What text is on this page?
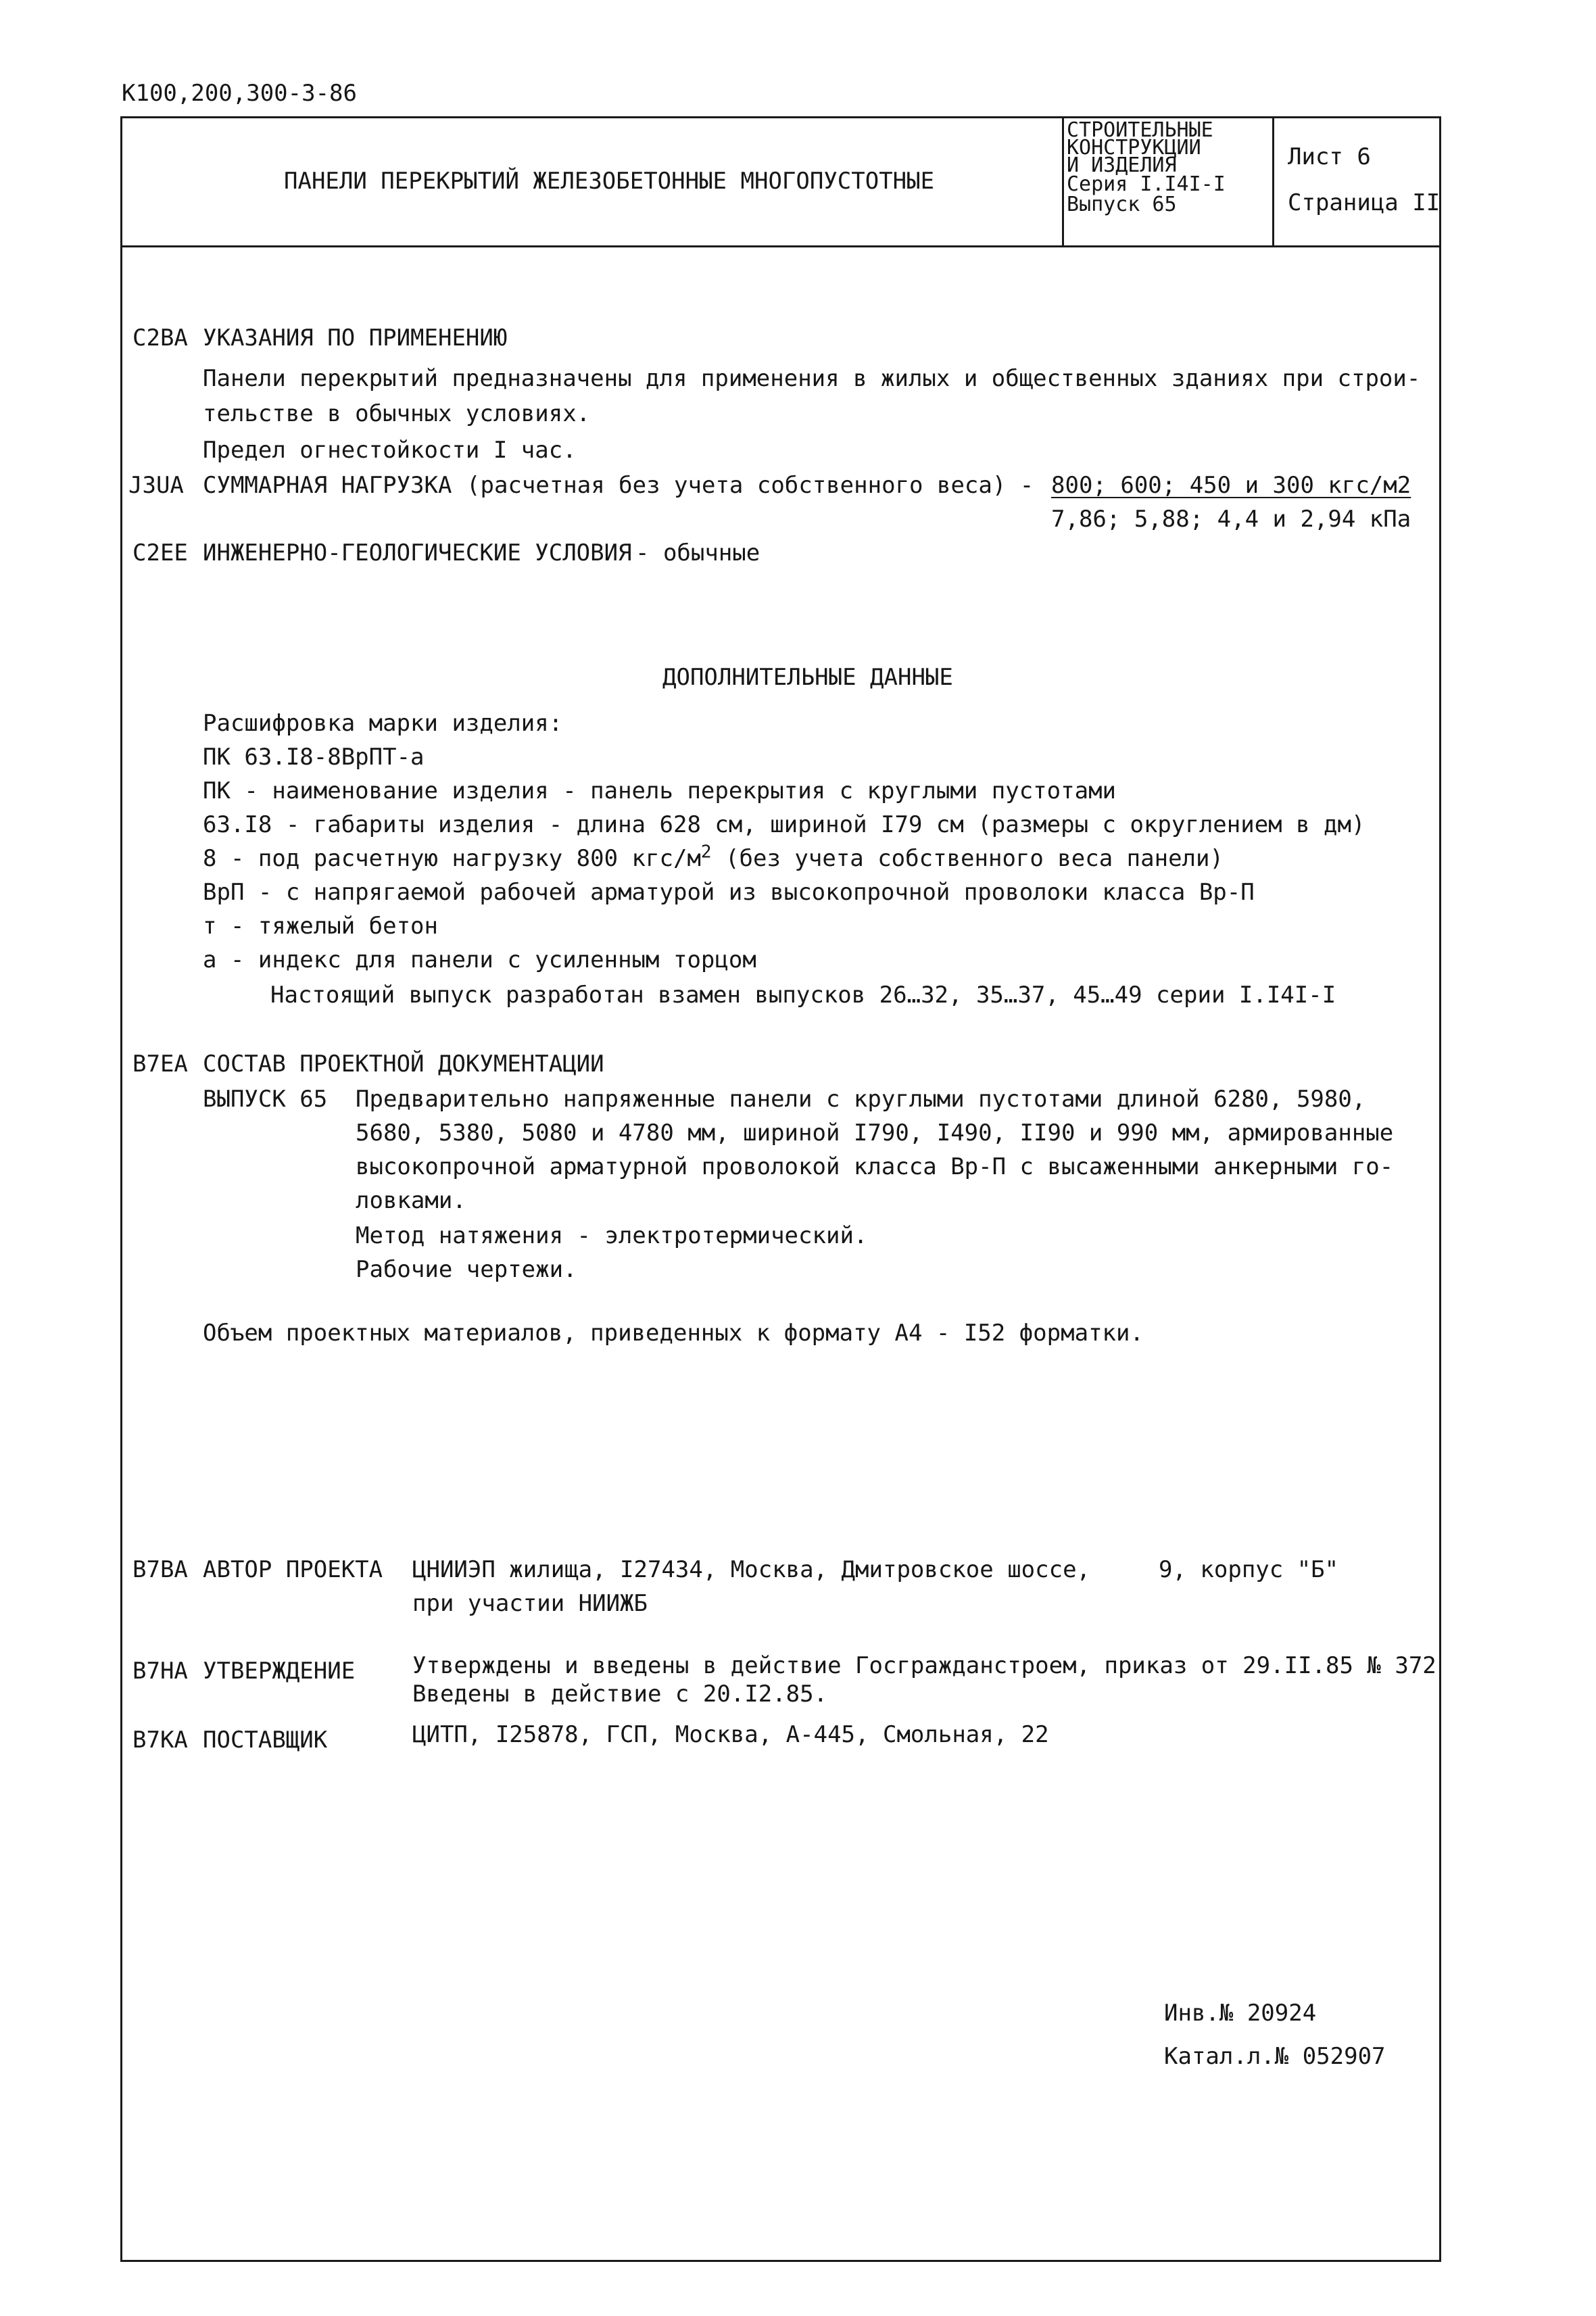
К100,200,300-3-86
ПАНЕЛИ ПЕРЕКРЫТИЙ ЖЕЛЕЗОБЕТОННЫЕ МНОГОПУСТОТНЫЕ
СТРОИТЕЛЬНЫЕ
КОНСТРУКЦИИ
И ИЗДЕЛИЯ
Серия I.I4I-I
Выпуск 65
Лист 6
Страница II
С2ВА УКАЗАНИЯ ПО ПРИМЕНЕНИЮ
Панели перекрытий предназначены для применения в жилых и общественных зданиях при строи-
тельстве в обычных условиях.
Предел огнестойкости I час.
J3UA СУММАРНАЯ НАГРУЗКА (расчетная без учета собственного веса) - 800; 600; 450 и 300 кгс/м2
7,86; 5,88; 4,4 и 2,94 кПа
С2ЕЕ ИНЖЕНЕРНО-ГЕОЛОГИЧЕСКИЕ УСЛОВИЯ - обычные
ДОПОЛНИТЕЛЬНЫЕ ДАННЫЕ
Расшифровка марки изделия:
ПК 63.I8-8ВрПТ-а
ПК - наименование изделия - панель перекрытия с круглыми пустотами
63.I8 - габариты изделия - длина 628 см, шириной I79 см (размеры с округлением в дм)
8 - под расчетную нагрузку 800 кгс/$м^2$ (без учета собственного веса панели)
ВрП - с напрягаемой рабочей арматурой из высокопрочной проволоки класса Вр-П
т - тяжелый бетон
а - индекс для панели с усиленным торцом
Настоящий выпуск разработан взамен выпусков 26…32, 35…37, 45…49 серии I.I4I-I
В7ЕА СОСТАВ ПРОЕКТНОЙ ДОКУМЕНТАЦИИ
ВЫПУСК 65 Предварительно напряженные панели с круглыми пустотами длиной 6280, 5980,
5680, 5380, 5080 и 4780 мм, шириной I790, I490, II90 и 990 мм, армированные
высокопрочной арматурной проволокой класса Вр-П с высаженными анкерными го-
ловками.
Метод натяжения - электротермический.
Рабочие чертежи.
Объем проектных материалов, приведенных к формату А4 - I52 форматки.
В7ВА АВТОР ПРОЕКТА ЦНИИЭП жилища, I27434, Москва, Дмитровское шоссе,	9, корпус "Б"
при участии НИИЖБ
В7НА УТВЕРЖДЕНИЕ Утверждены и введены в действие Госгражданстроем, приказ от 29.II.85 № 372
Введены в действие с 20.I2.85.
В7КА ПОСТАВЩИК	ЦИТП, I25878, ГСП, Москва, А-445, Смольная, 22
Инв.№ 20924
Катал.л.№ 052907
